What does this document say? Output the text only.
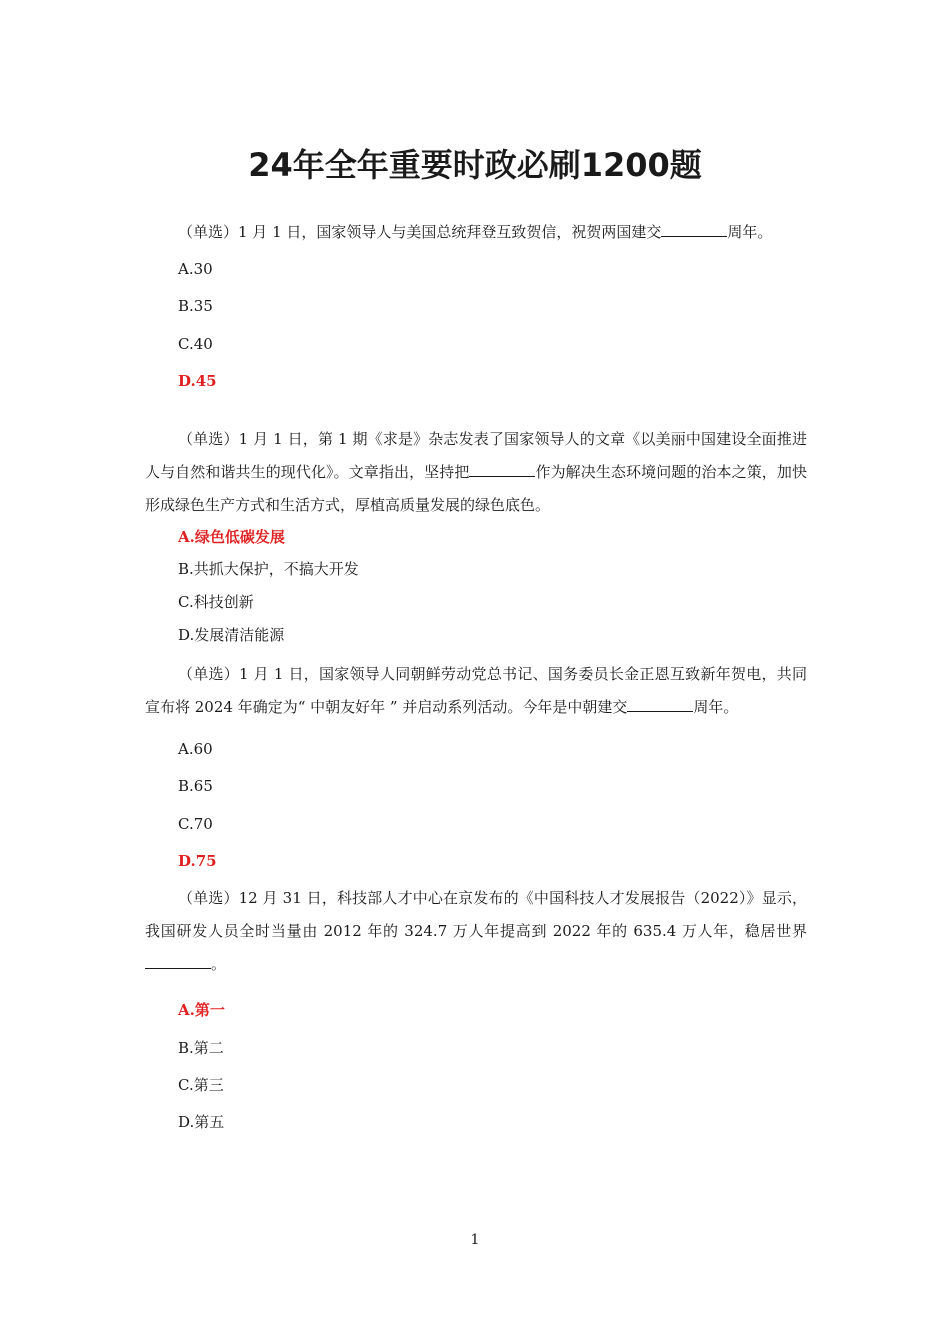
24年全年重要时政必刷1200题

（单选）1 月 1 日，国家领导人与美国总统拜登互致贺信，祝贺两国建交	周年。

A.30

B.35

C.40

D.45

（单选）1 月 1 日，第 1 期《求是》杂志发表了国家领导人的文章《以美丽中国建设全面推进人与自然和谐共生的现代化》。文章指出，坚持把	作为解决生态环境问题的治本之策，加快形成绿色生产方式和生活方式，厚植高质量发展的绿色底色。

A.绿色低碳发展

B.共抓大保护，不搞大开发

C.科技创新

D.发展清洁能源

（单选）1 月 1 日，国家领导人同朝鲜劳动党总书记、国务委员长金正恩互致新年贺电，共同宣布将 2024 年确定为“ 中朝友好年 ” 并启动系列活动。今年是中朝建交	周年。

A.60

B.65

C.70

D.75

（单选）12 月 31 日，科技部人才中心在京发布的《中国科技人才发展报告（2022）》显示，我国研发人员全时当量由 2012 年的 324.7 万人年提高到 2022 年的 635.4 万人年，稳居世界。

A.第一

B.第二

C.第三

D.第五

1
